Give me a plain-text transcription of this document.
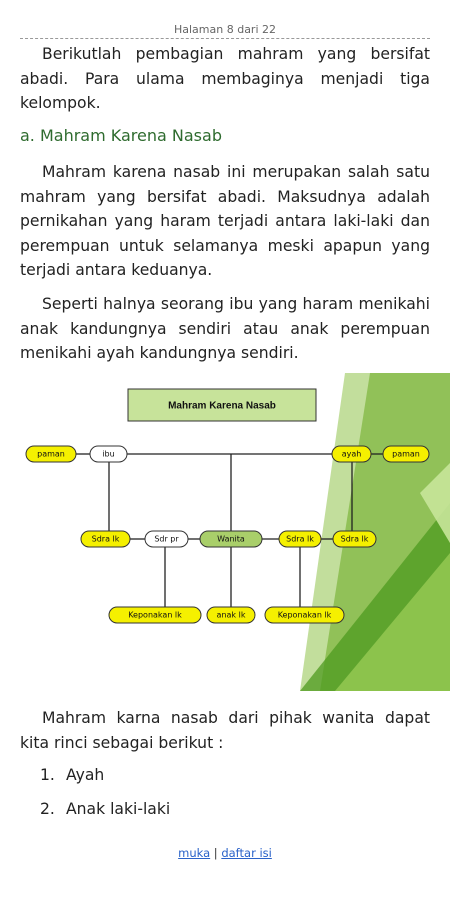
Halaman 8 dari 22
Berikutlah pembagian mahram yang bersifat abadi. Para ulama membaginya menjadi tiga kelompok.
a. Mahram Karena Nasab
Mahram karena nasab ini merupakan salah satu mahram yang bersifat abadi. Maksudnya adalah pernikahan yang haram terjadi antara laki-laki dan perempuan untuk selamanya meski apapun yang terjadi antara keduanya.
Seperti halnya seorang ibu yang haram menikahi anak kandungnya sendiri atau anak perempuan menikahi ayah kandungnya sendiri.
Mahram Karena Nasab
paman	ibu	ayah	paman
Sdra lk	Sdr pr	Wanita	Sdra lk	Sdra lk
Keponakan lk	anak lk	Keponakan lk
Mahram karna nasab dari pihak wanita dapat kita rinci sebagai berikut :
1. Ayah
2. Anak laki-laki
muka | daftar isi
